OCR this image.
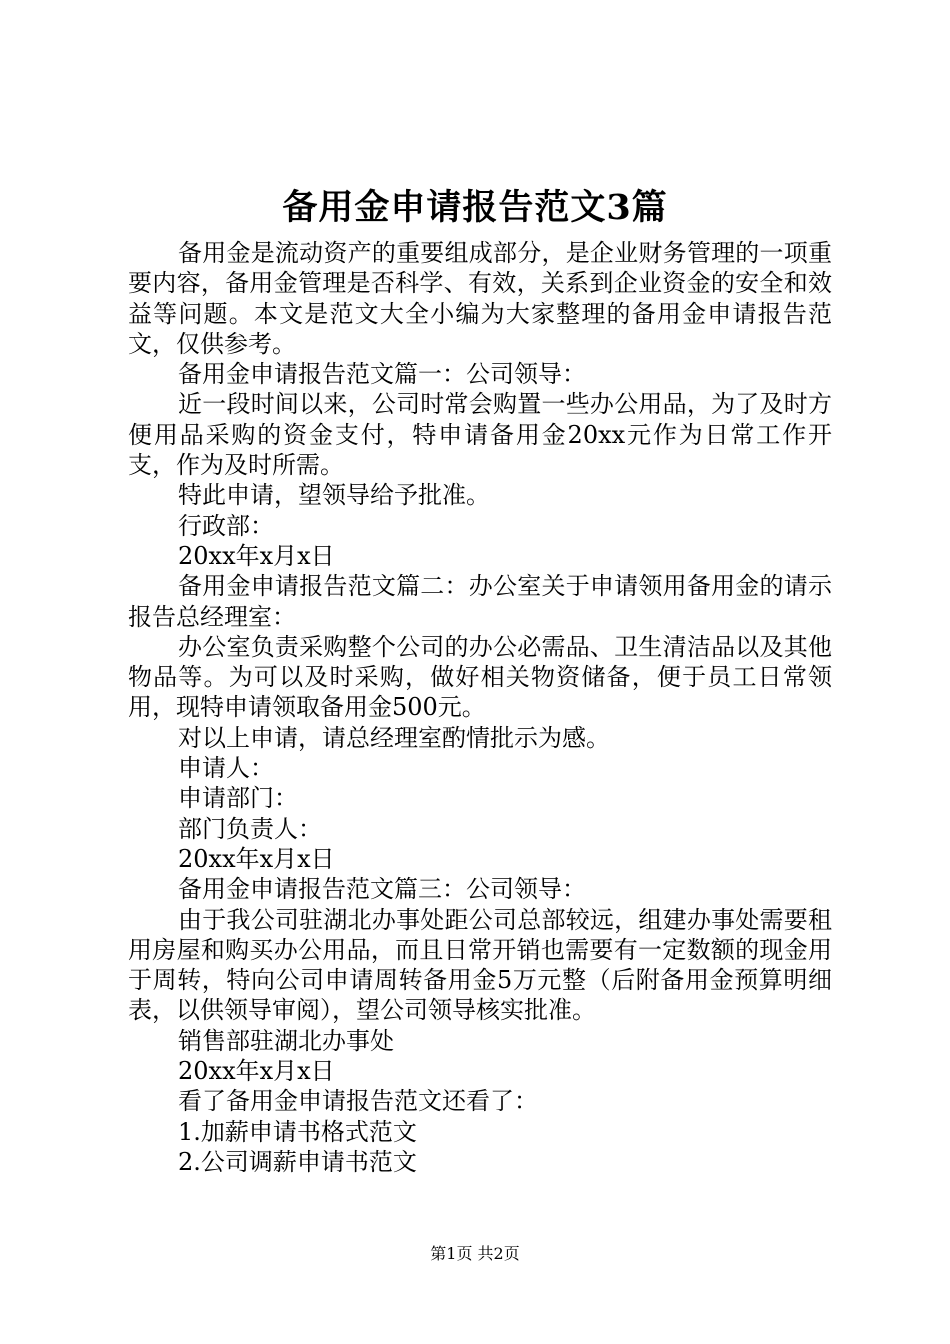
备用金申请报告范文3篇

备用金是流动资产的重要组成部分，是企业财务管理的一项重要内容，备用金管理是否科学、有效，关系到企业资金的安全和效益等问题。本文是范文大全小编为大家整理的备用金申请报告范文，仅供参考。

备用金申请报告范文篇一：公司领导：

近一段时间以来，公司时常会购置一些办公用品，为了及时方便用品采购的资金支付，特申请备用金20xx元作为日常工作开支，作为及时所需。

特此申请，望领导给予批准。

行政部：

20xx年x月x日

备用金申请报告范文篇二：办公室关于申请领用备用金的请示报告总经理室：

办公室负责采购整个公司的办公必需品、卫生清洁品以及其他物品等。为可以及时采购，做好相关物资储备，便于员工日常领用，现特申请领取备用金500元。

对以上申请，请总经理室酌情批示为感。

申请人：

申请部门：

部门负责人：

20xx年x月x日

备用金申请报告范文篇三：公司领导：

由于我公司驻湖北办事处距公司总部较远，组建办事处需要租用房屋和购买办公用品，而且日常开销也需要有一定数额的现金用于周转，特向公司申请周转备用金5万元整（后附备用金预算明细表，以供领导审阅），望公司领导核实批准。

销售部驻湖北办事处

20xx年x月x日

看了备用金申请报告范文还看了：

1.加薪申请书格式范文

2.公司调薪申请书范文

第1页 共2页
